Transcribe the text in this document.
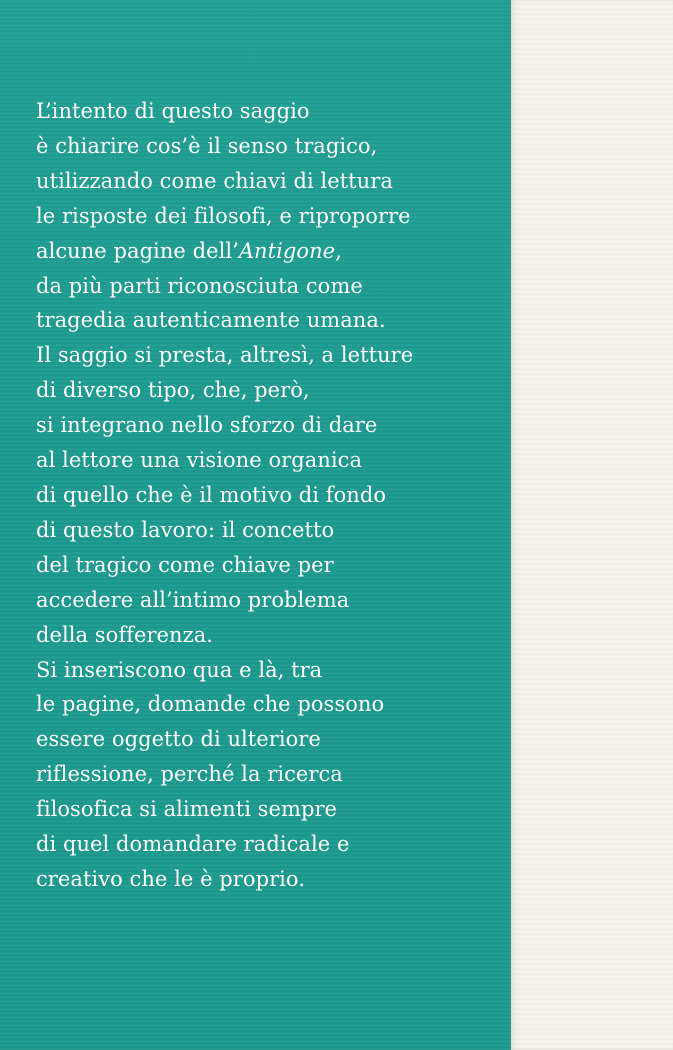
L’intento di questo saggio
è chiarire cos’è il senso tragico,
utilizzando come chiavi di lettura
le risposte dei filosofi, e riproporre
alcune pagine dell’Antigone,
da più parti riconosciuta come
tragedia autenticamente umana.
Il saggio si presta, altresì, a letture
di diverso tipo, che, però,
si integrano nello sforzo di dare
al lettore una visione organica
di quello che è il motivo di fondo
di questo lavoro: il concetto
del tragico come chiave per
accedere all’intimo problema
della sofferenza.
Si inseriscono qua e là, tra
le pagine, domande che possono
essere oggetto di ulteriore
riflessione, perché la ricerca
filosofica si alimenti sempre
di quel domandare radicale e
creativo che le è proprio.
